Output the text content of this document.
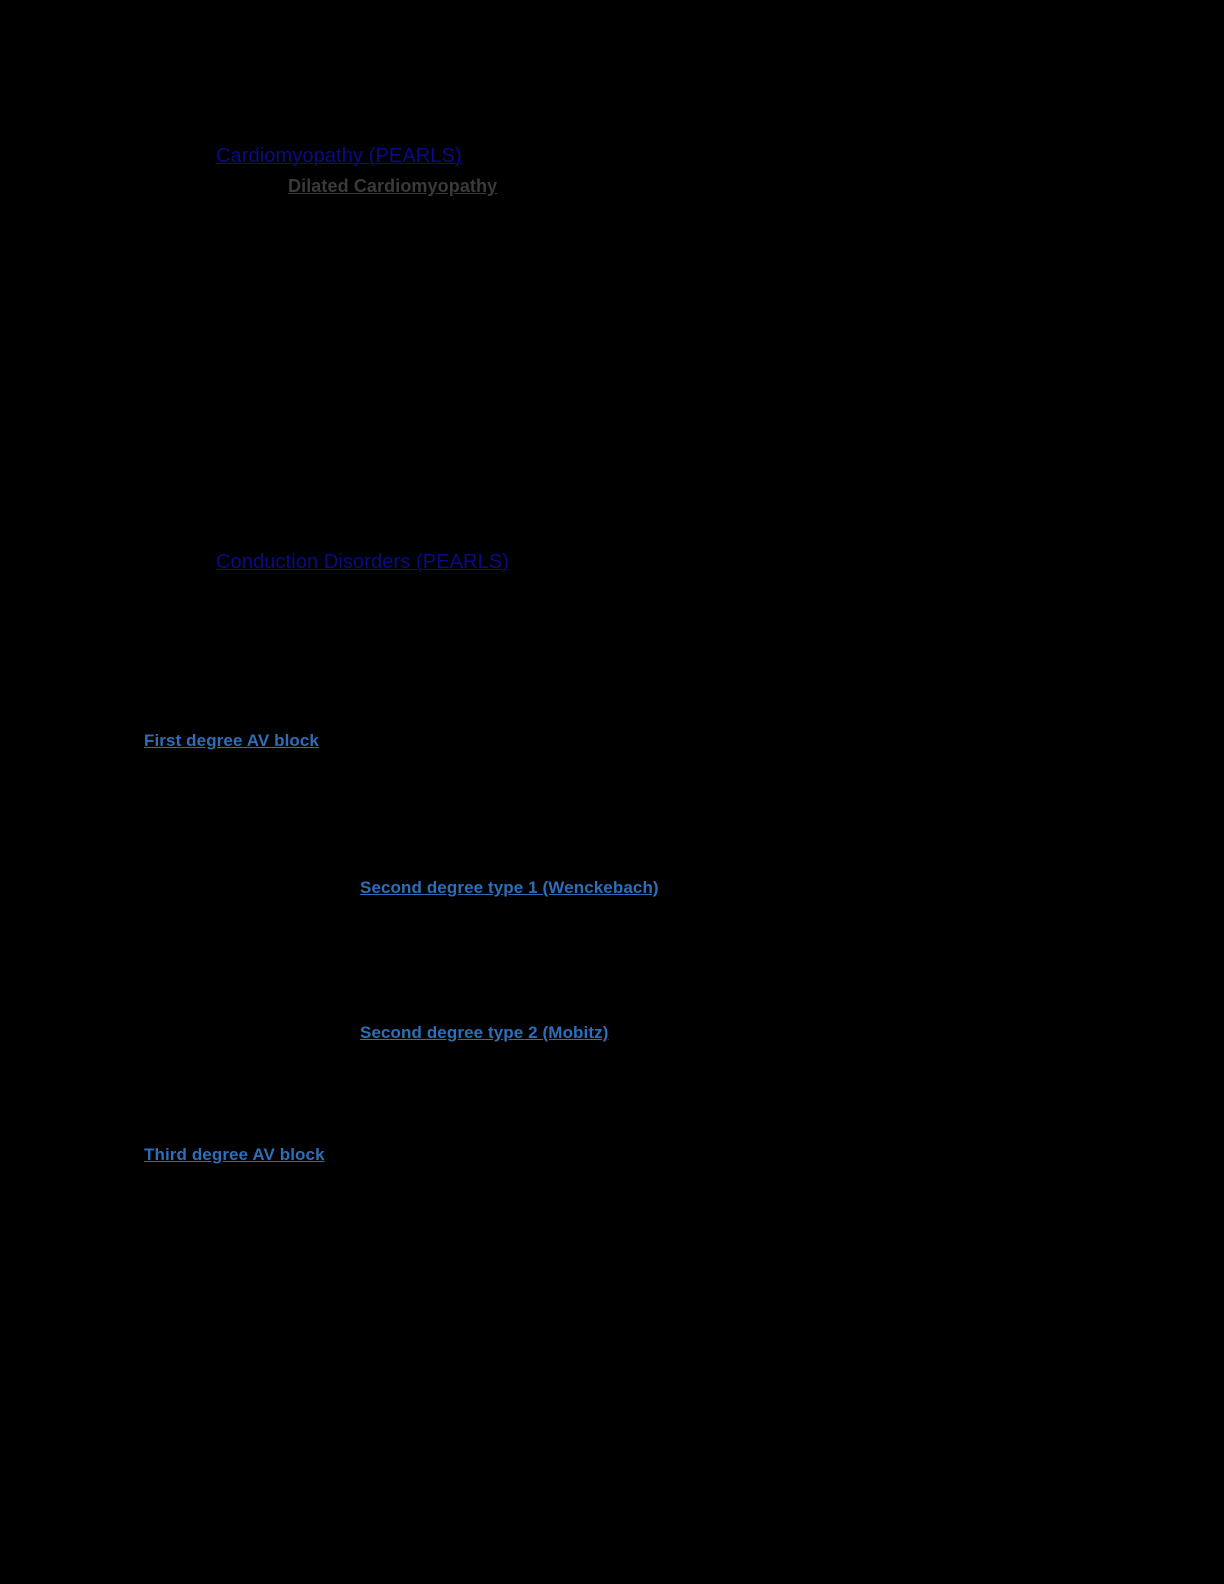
Cardiomyopathy (PEARLS)
Dilated Cardiomyopathy
Conduction Disorders (PEARLS)
First degree AV block
Second degree type 1 (Wenckebach)
Second degree type 2 (Mobitz)
Third degree AV block
